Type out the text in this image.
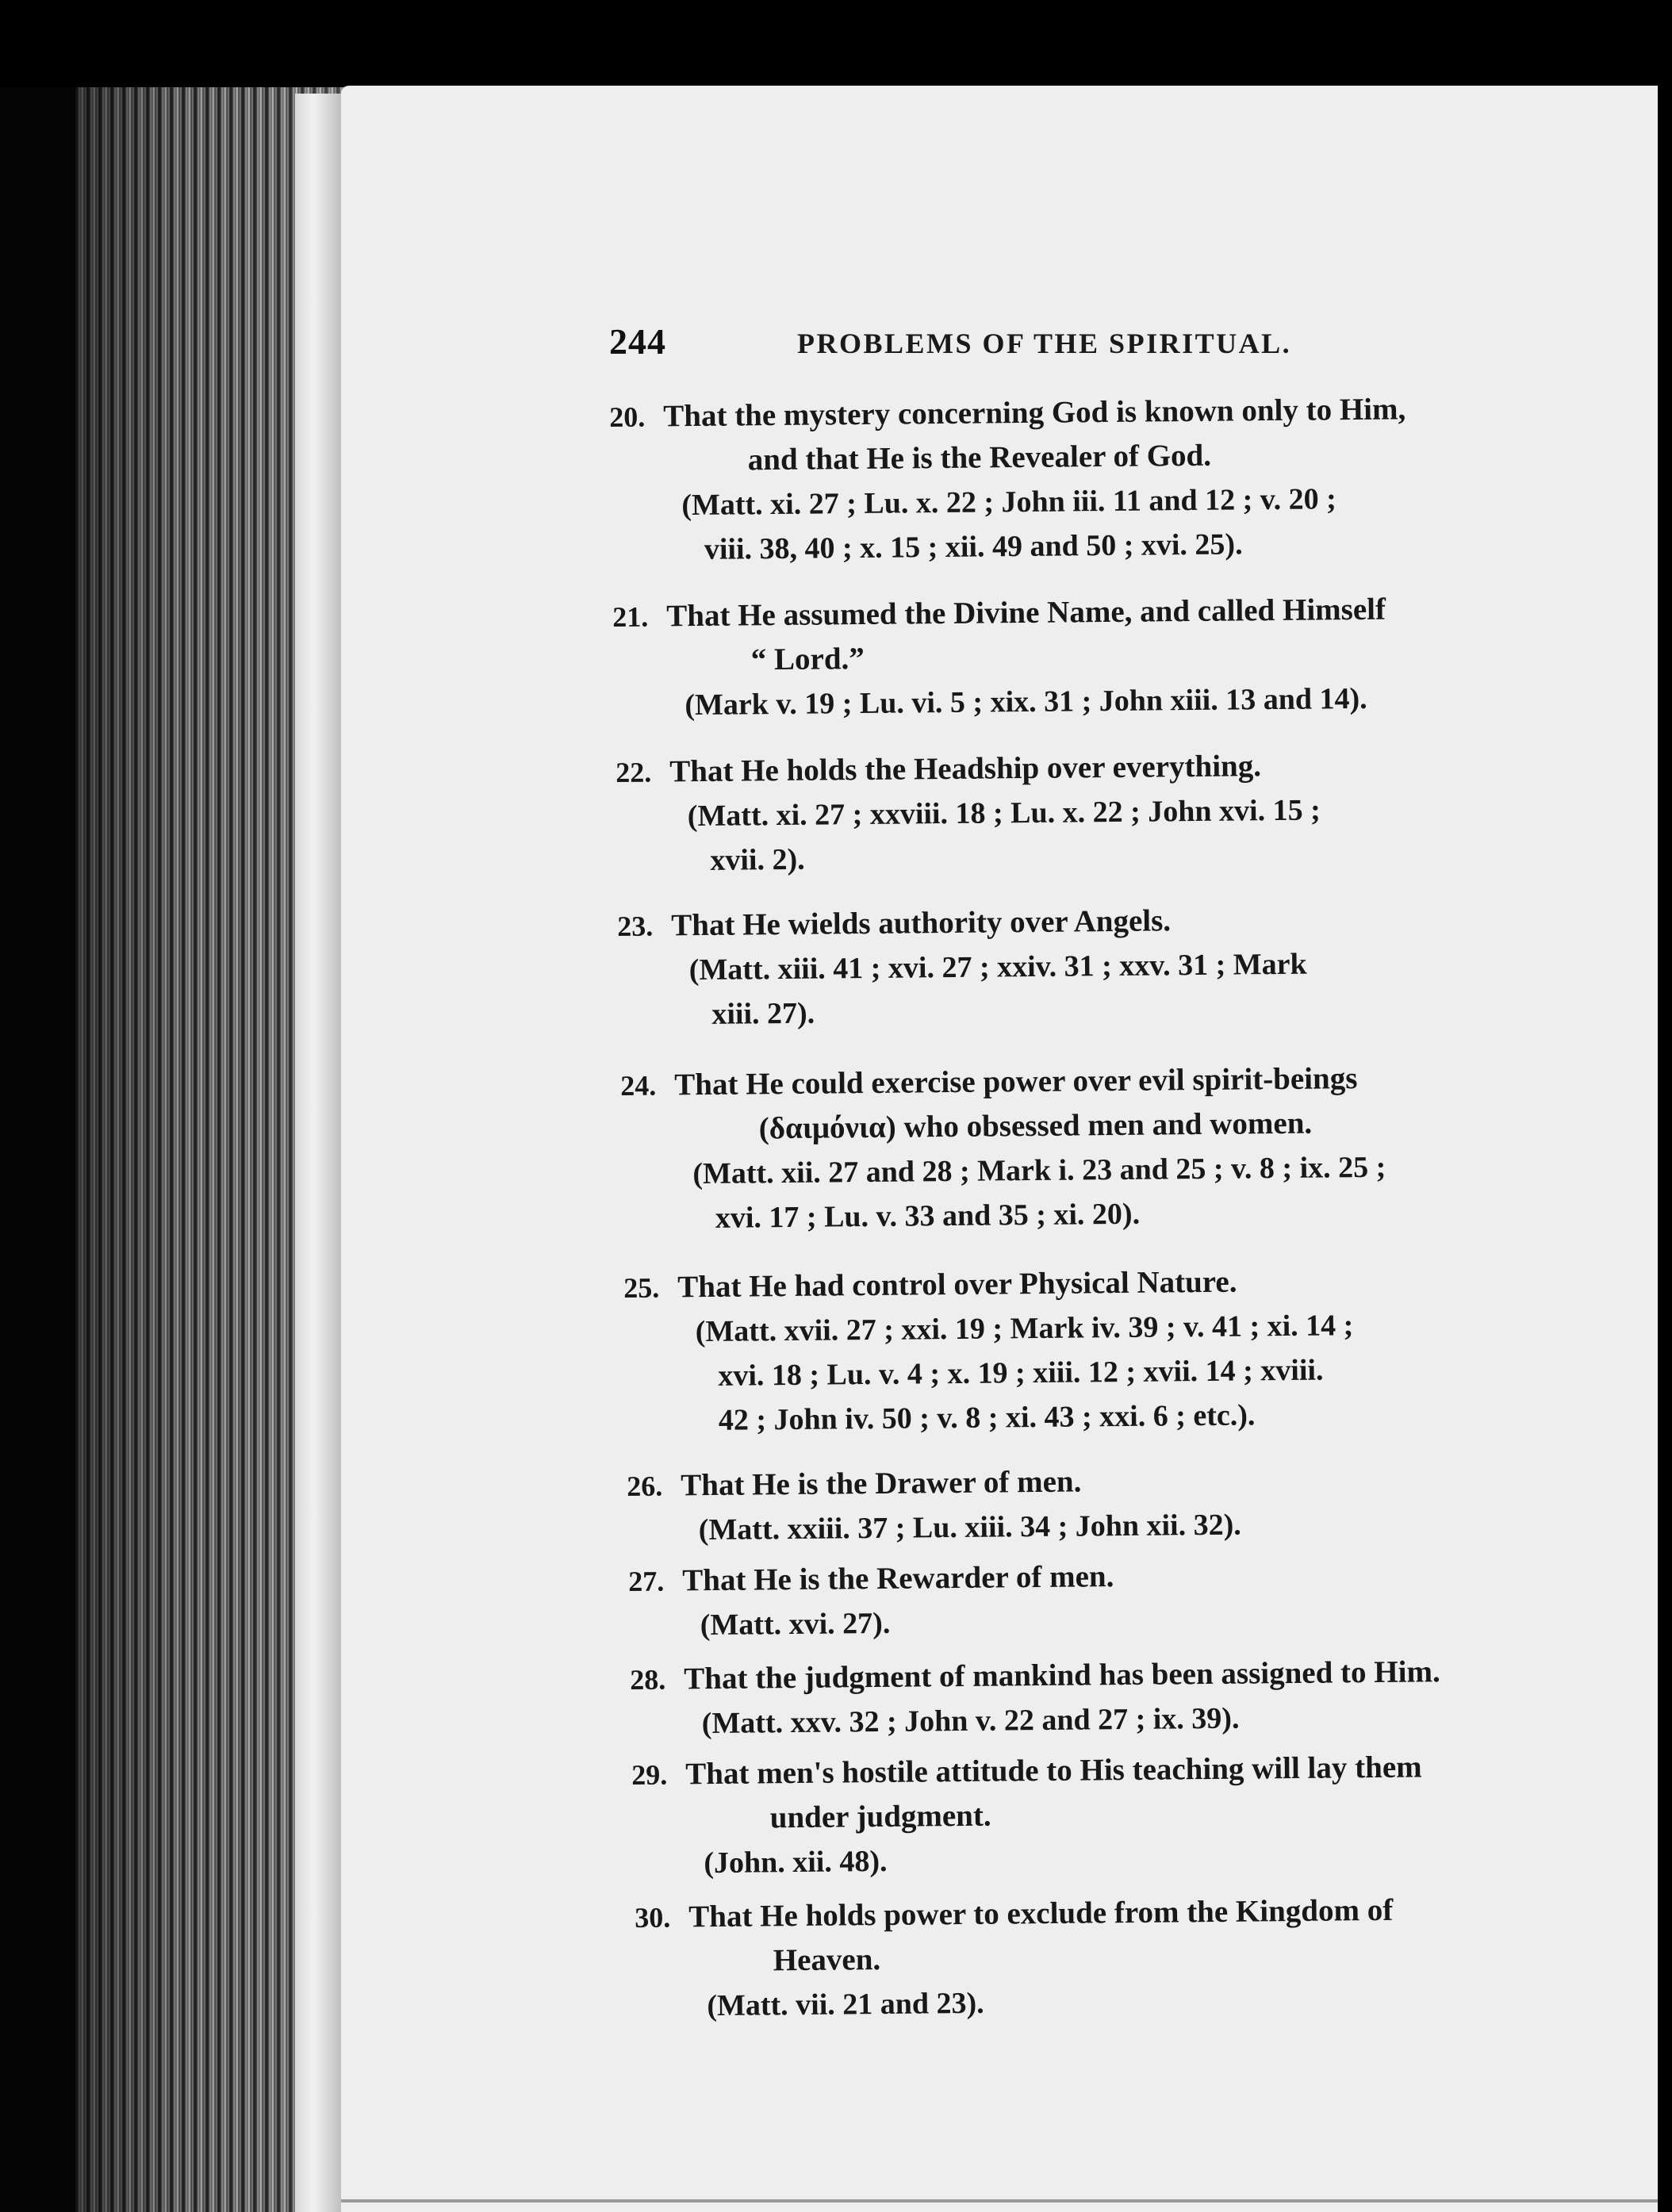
244	PROBLEMS OF THE SPIRITUAL.
20. That the mystery concerning God is known only to Him,
and that He is the Revealer of God.
(Matt. xi. 27 ; Lu. x. 22 ; John iii. 11 and 12 ; v. 20 ;
viii. 38, 40 ; x. 15 ; xii. 49 and 50 ; xvi. 25).
21. That He assumed the Divine Name, and called Himself
“ Lord.”
(Mark v. 19 ; Lu. vi. 5 ; xix. 31 ; John xiii. 13 and 14).
22. That He holds the Headship over everything.
(Matt. xi. 27 ; xxviii. 18 ; Lu. x. 22 ; John xvi. 15 ;
xvii. 2).
23. That He wields authority over Angels.
(Matt. xiii. 41 ; xvi. 27 ; xxiv. 31 ; xxv. 31 ; Mark
xiii. 27).
24. That He could exercise power over evil spirit-beings
(δαιμόνια) who obsessed men and women.
(Matt. xii. 27 and 28 ; Mark i. 23 and 25 ; v. 8 ; ix. 25 ;
xvi. 17 ; Lu. v. 33 and 35 ; xi. 20).
25. That He had control over Physical Nature.
(Matt. xvii. 27 ; xxi. 19 ; Mark iv. 39 ; v. 41 ; xi. 14 ;
xvi. 18 ; Lu. v. 4 ; x. 19 ; xiii. 12 ; xvii. 14 ; xviii.
42 ; John iv. 50 ; v. 8 ; xi. 43 ; xxi. 6 ; etc.).
26. That He is the Drawer of men.
(Matt. xxiii. 37 ; Lu. xiii. 34 ; John xii. 32).
27. That He is the Rewarder of men.
(Matt. xvi. 27).
28. That the judgment of mankind has been assigned to Him.
(Matt. xxv. 32 ; John v. 22 and 27 ; ix. 39).
29. That men's hostile attitude to His teaching will lay them
under judgment.
(John. xii. 48).
30. That He holds power to exclude from the Kingdom of
Heaven.
(Matt. vii. 21 and 23).
